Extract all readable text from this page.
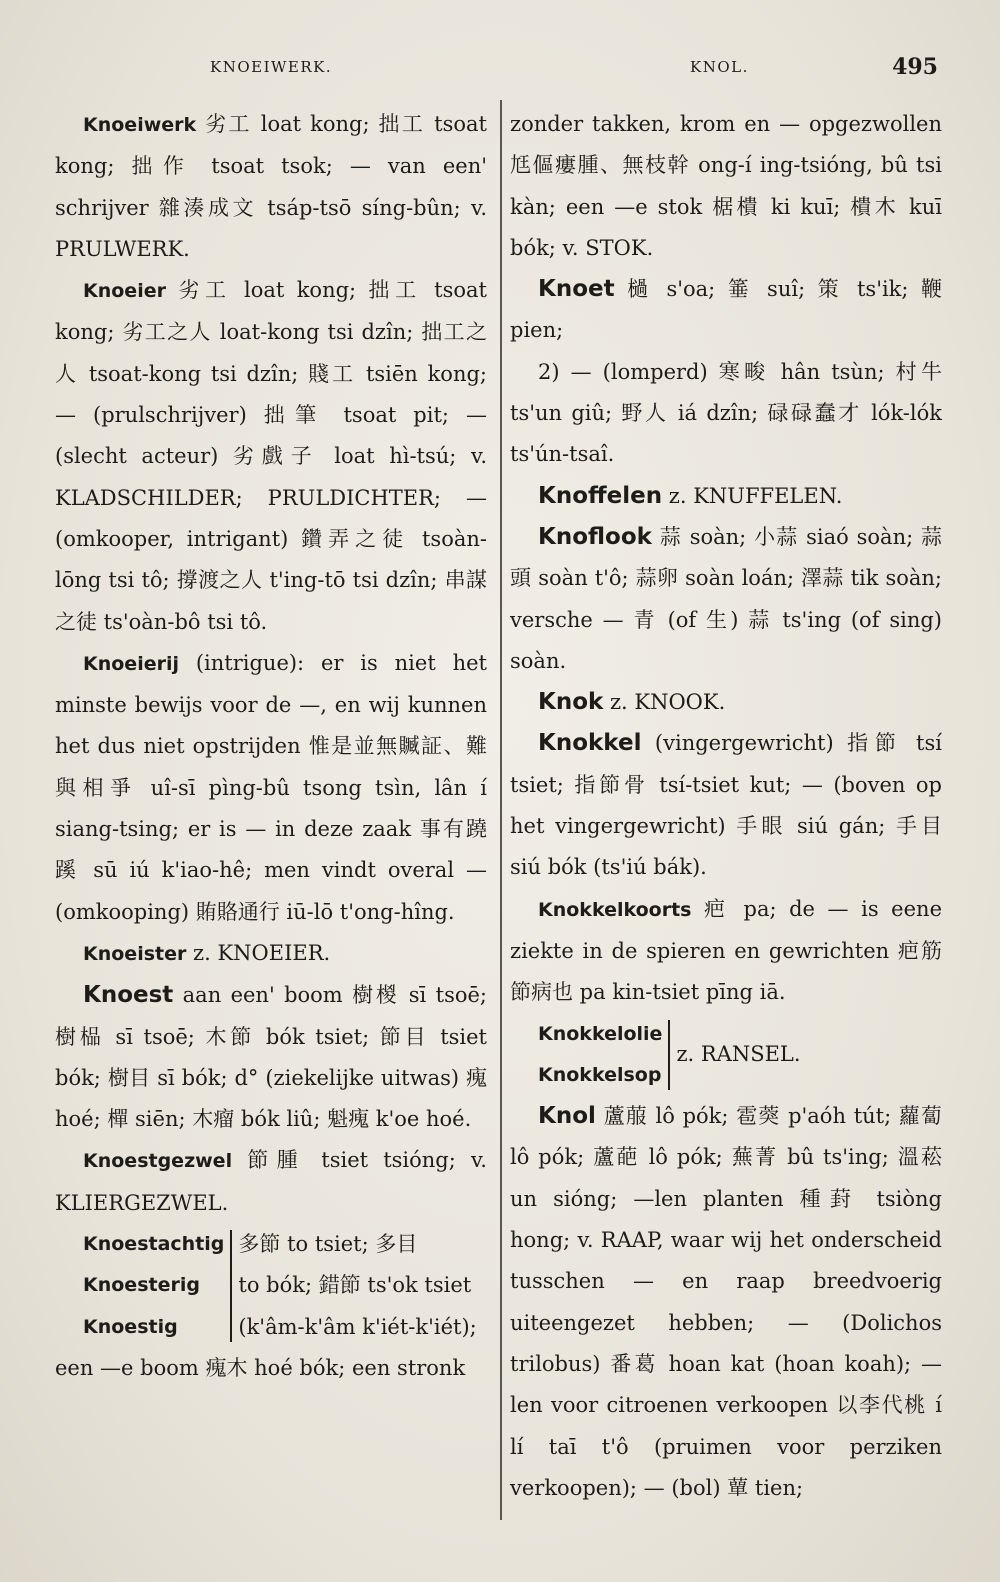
KNOEIWERK.	KNOL.	495

Knoeiwerk 劣工 loat kong; 拙工 tsoat kong; 拙作 tsoat tsok; — van een' schrijver 雜湊成文 tsáp-tsō síng-bûn; v. PRULWERK.

Knoeier 劣工 loat kong; 拙工 tsoat kong; 劣工之人 loat-kong tsi dzîn; 拙工之人 tsoat-kong tsi dzîn; 賤工 tsiēn kong; — (prulschrijver) 拙筆 tsoat pit; — (slecht acteur) 劣戲子 loat hì-tsú; v. KLADSCHILDER; PRULDICHTER; — (omkooper, intrigant) 鑽弄之徒 tsoàn-lōng tsi tô; 撐渡之人 t'ing-tō tsi dzîn; 串謀之徒 ts'oàn-bô tsi tô.

Knoeierij (intrigue): er is niet het minste bewijs voor de —, en wij kunnen het dus niet opstrijden 惟是並無贓証、難與相爭 uî-sī pìng-bû tsong tsìn, lân í siang-tsing; er is — in deze zaak 事有蹺蹊 sū iú k'iao-hê; men vindt overal — (omkooping) 賄賂通行 iū-lō t'ong-hîng.

Knoeister z. KNOEIER.

Knoest aan een' boom 樹椶 sī tsoē; 樹榀 sī tsoē; 木節 bók tsiet; 節目 tsiet bók; 樹目 sī bók; d° (ziekelijke uitwas) 瘣 hoé; 樿 siēn; 木瘤 bók liû; 魁瘣 k'oe hoé.

Knoestgezwel 節腫 tsiet tsióng; v. KLIERGEZWEL.

Knoestachtig
Knoesterig
Knoestig
多節 to tsiet; 多目
to bók; 錯節 ts'ok tsiet
(k'âm-k'âm k'iét-k'iét);

een —e boom 瘣木 hoé bók; een stronk

zonder takken, krom en — opgezwollen 尪傴瘻腫、無枝幹 ong-í ing-tsióng, bû tsi kàn; een —e stok 椐樻 ki kuī; 樻木 kuī bók; v. STOK.

Knoet 檛 s'oa; 箠 suî; 策 ts'ik; 鞭 pien;

2) — (lomperd) 寒畯 hân tsùn; 村牛 ts'un giû; 野人 iá dzîn; 碌碌蠢才 lók-lók ts'ún-tsaî.

Knoffelen z. KNUFFELEN.

Knoflook 蒜 soàn; 小蒜 siaó soàn; 蒜頭 soàn t'ô; 蒜卵 soàn loán; 澤蒜 tik soàn; versche — 青 (of 生) 蒜 ts'ing (of sing) soàn.

Knok z. KNOOK.

Knokkel (vingergewricht) 指節 tsí tsiet; 指節骨 tsí-tsiet kut; — (boven op het vingergewricht) 手眼 siú gán; 手目 siú bók (ts'iú bák).

Knokkelkoorts 疤 pa; de — is eene ziekte in de spieren en gewrichten 疤筋節病也 pa kin-tsiet pīng iā.

Knokkelolie
Knokkelsop
z. RANSEL.

Knol 蘆菔 lô pók; 雹葖 p'aóh tút; 蘿蔔 lô pók; 蘆葩 lô pók; 蕪菁 bû ts'ing; 溫菘 un sióng; —len planten 種葑 tsiòng hong; v. RAAP, waar wij het onderscheid tusschen — en raap breedvoerig uiteengezet hebben; — (Dolichos trilobus) 番葛 hoan kat (hoan koah); —len voor citroenen verkoopen 以李代桃 í lí taī t'ô (pruimen voor perziken verkoopen); — (bol) 蕇 tien;
